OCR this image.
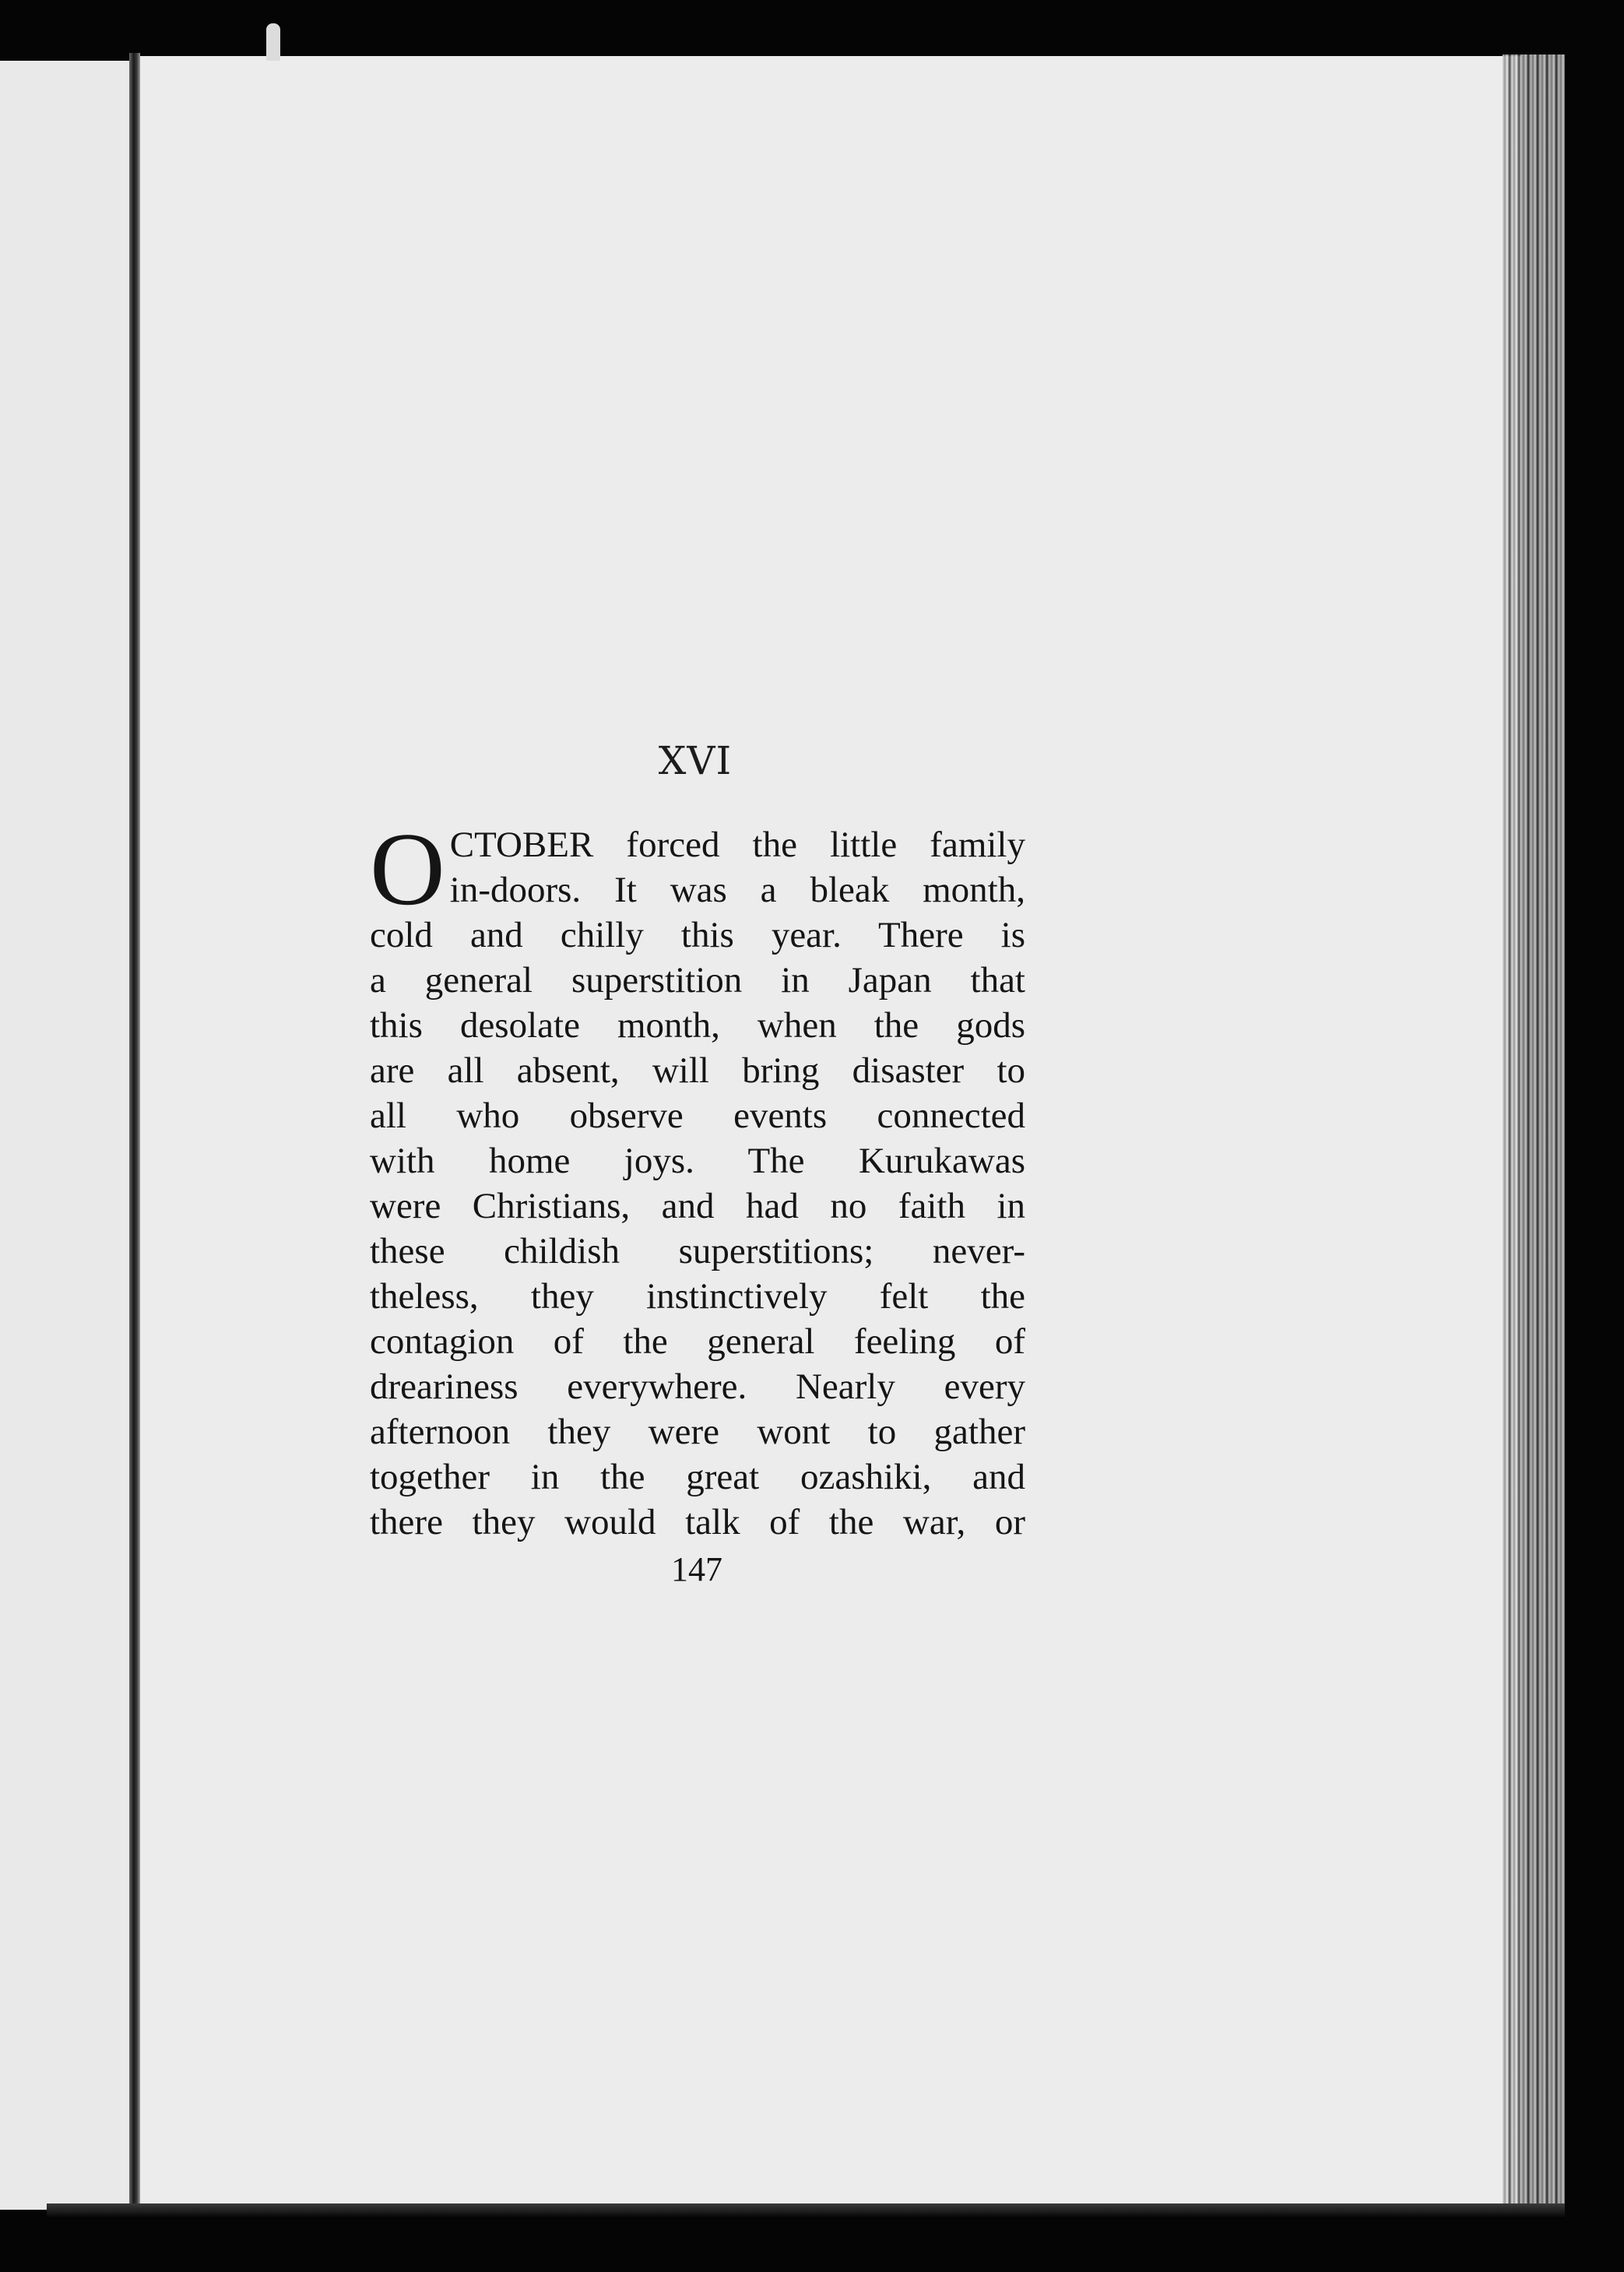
XVI
O CTOBER forced the little family
in-doors. It was a bleak month,
cold and chilly this year. There is
a general superstition in Japan that
this desolate month, when the gods
are all absent, will bring disaster to
all who observe events connected
with home joys. The Kurukawas
were Christians, and had no faith in
these childish superstitions; never-
theless, they instinctively felt the
contagion of the general feeling of
dreariness everywhere. Nearly every
afternoon they were wont to gather
together in the great ozashiki, and
there they would talk of the war, or
147
